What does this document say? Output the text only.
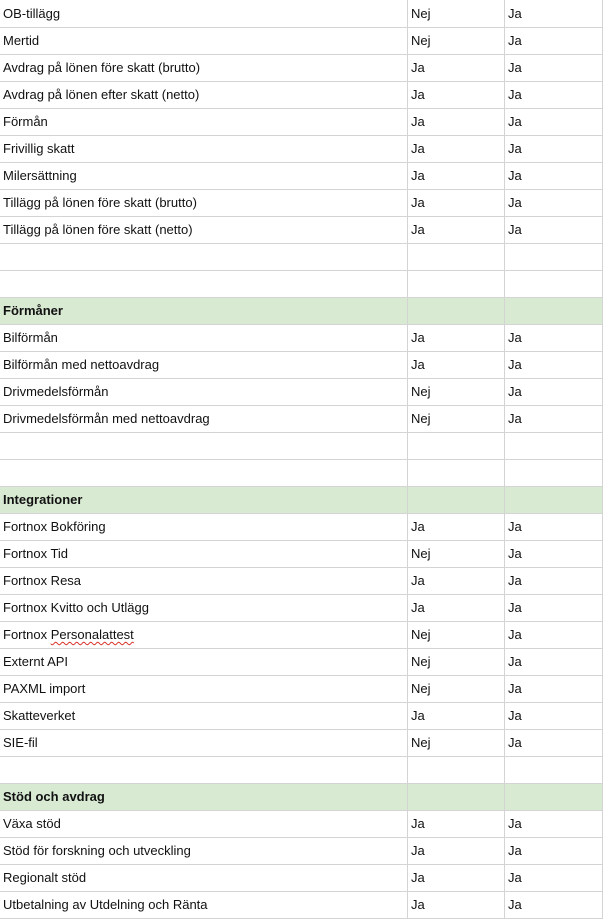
OB-tillägg	Nej	Ja
Mertid	Nej	Ja
Avdrag på lönen före skatt (brutto)	Ja	Ja
Avdrag på lönen efter skatt (netto)	Ja	Ja
Förmån	Ja	Ja
Frivillig skatt	Ja	Ja
Milersättning	Ja	Ja
Tillägg på lönen före skatt (brutto)	Ja	Ja
Tillägg på lönen före skatt (netto)	Ja	Ja
Förmåner
Bilförmån	Ja	Ja
Bilförmån med nettoavdrag	Ja	Ja
Drivmedelsförmån	Nej	Ja
Drivmedelsförmån med nettoavdrag	Nej	Ja
Integrationer
Fortnox Bokföring	Ja	Ja
Fortnox Tid	Nej	Ja
Fortnox Resa	Ja	Ja
Fortnox Kvitto och Utlägg	Ja	Ja
Fortnox Personalattest	Nej	Ja
Externt API	Nej	Ja
PAXML import	Nej	Ja
Skatteverket	Ja	Ja
SIE-fil	Nej	Ja
Stöd och avdrag
Växa stöd	Ja	Ja
Stöd för forskning och utveckling	Ja	Ja
Regionalt stöd	Ja	Ja
Utbetalning av Utdelning och Ränta	Ja	Ja
